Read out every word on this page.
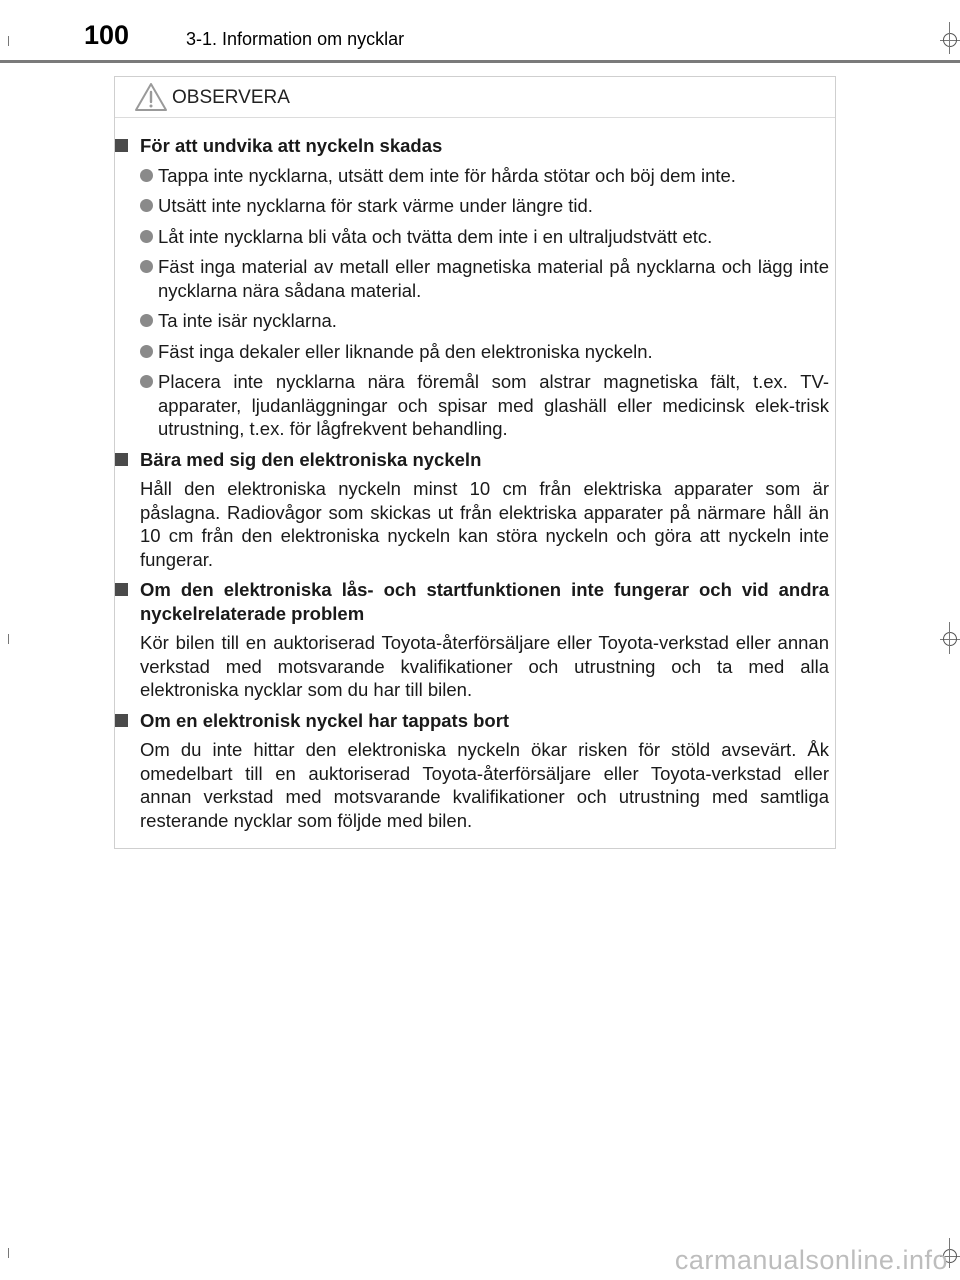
100	3-1. Information om nycklar
OBSERVERA
För att undvika att nyckeln skadas
Tappa inte nycklarna, utsätt dem inte för hårda stötar och böj dem inte.
Utsätt inte nycklarna för stark värme under längre tid.
Låt inte nycklarna bli våta och tvätta dem inte i en ultraljudstvätt etc.
Fäst inga material av metall eller magnetiska material på nycklarna och lägg inte nycklarna nära sådana material.
Ta inte isär nycklarna.
Fäst inga dekaler eller liknande på den elektroniska nyckeln.
Placera inte nycklarna nära föremål som alstrar magnetiska fält, t.ex. TV-apparater, ljudanläggningar och spisar med glashäll eller medicinsk elek-trisk utrustning, t.ex. för lågfrekvent behandling.
Bära med sig den elektroniska nyckeln
Håll den elektroniska nyckeln minst 10 cm från elektriska apparater som är påslagna. Radiovågor som skickas ut från elektriska apparater på närmare håll än 10 cm från den elektroniska nyckeln kan störa nyckeln och göra att nyckeln inte fungerar.
Om den elektroniska lås- och startfunktionen inte fungerar och vid andra nyckelrelaterade problem
Kör bilen till en auktoriserad Toyota-återförsäljare eller Toyota-verkstad eller annan verkstad med motsvarande kvalifikationer och utrustning och ta med alla elektroniska nycklar som du har till bilen.
Om en elektronisk nyckel har tappats bort
Om du inte hittar den elektroniska nyckeln ökar risken för stöld avsevärt. Åk omedelbart till en auktoriserad Toyota-återförsäljare eller Toyota-verkstad eller annan verkstad med motsvarande kvalifikationer och utrustning med samtliga resterande nycklar som följde med bilen.
carmanualsonline.info
